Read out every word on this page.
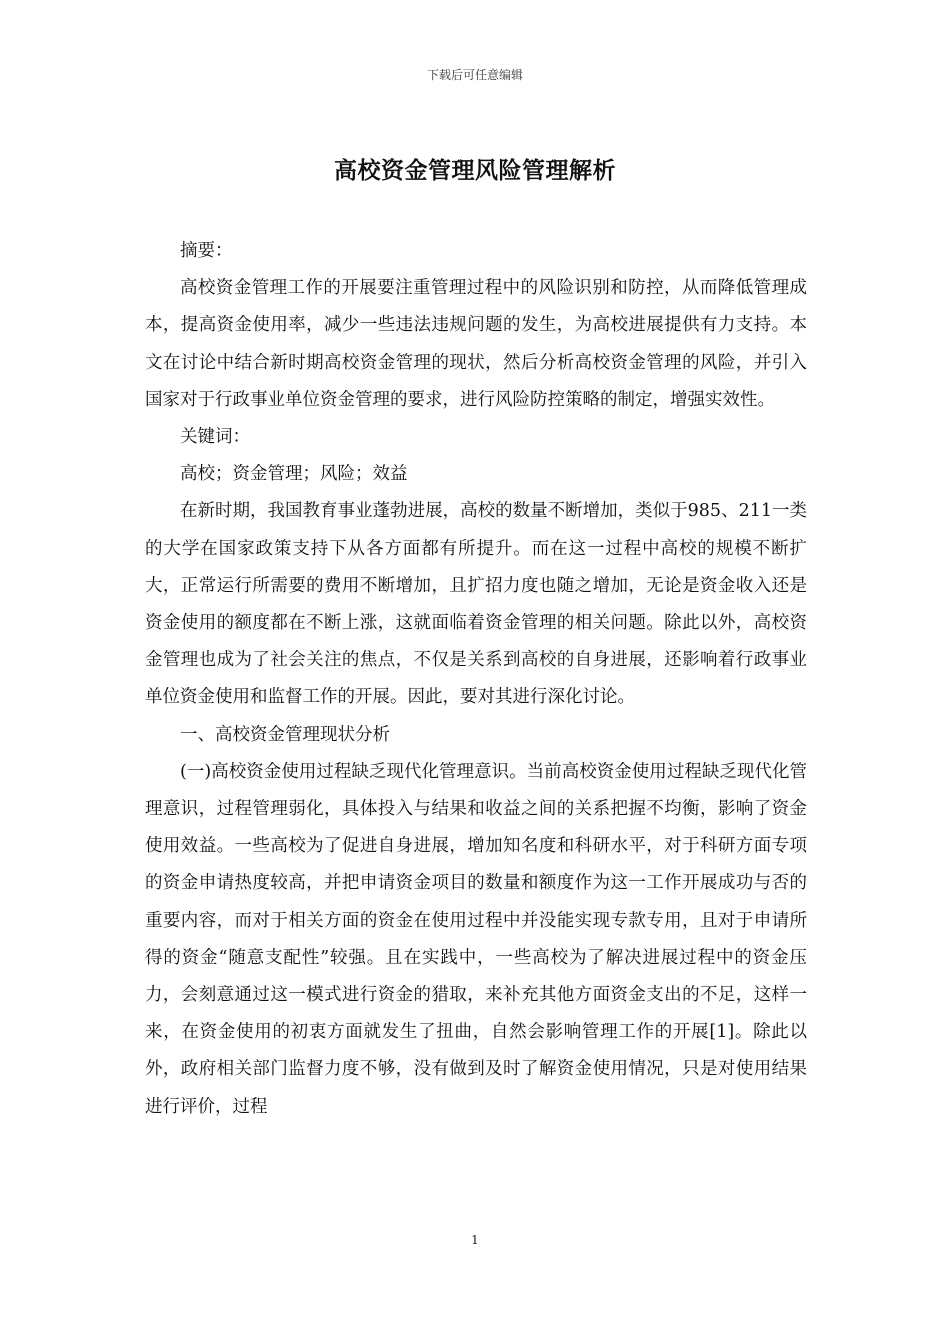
下载后可任意编辑
高校资金管理风险管理解析

摘要：

高校资金管理工作的开展要注重管理过程中的风险识别和防控，从而降低管理成本，提高资金使用率，减少一些违法违规问题的发生，为高校进展提供有力支持。本文在讨论中结合新时期高校资金管理的现状，然后分析高校资金管理的风险，并引入国家对于行政事业单位资金管理的要求，进行风险防控策略的制定，增强实效性。

关键词：

高校；资金管理；风险；效益

在新时期，我国教育事业蓬勃进展，高校的数量不断增加，类似于985、211一类的大学在国家政策支持下从各方面都有所提升。而在这一过程中高校的规模不断扩大，正常运行所需要的费用不断增加，且扩招力度也随之增加，无论是资金收入还是资金使用的额度都在不断上涨，这就面临着资金管理的相关问题。除此以外，高校资金管理也成为了社会关注的焦点，不仅是关系到高校的自身进展，还影响着行政事业单位资金使用和监督工作的开展。因此，要对其进行深化讨论。

一、高校资金管理现状分析

(一)高校资金使用过程缺乏现代化管理意识。当前高校资金使用过程缺乏现代化管理意识，过程管理弱化，具体投入与结果和收益之间的关系把握不均衡，影响了资金使用效益。一些高校为了促进自身进展，增加知名度和科研水平，对于科研方面专项的资金申请热度较高，并把申请资金项目的数量和额度作为这一工作开展成功与否的重要内容，而对于相关方面的资金在使用过程中并没能实现专款专用，且对于申请所得的资金“随意支配性”较强。且在实践中，一些高校为了解决进展过程中的资金压力，会刻意通过这一模式进行资金的猎取，来补充其他方面资金支出的不足，这样一来，在资金使用的初衷方面就发生了扭曲，自然会影响管理工作的开展[1]。除此以外，政府相关部门监督力度不够，没有做到及时了解资金使用情况，只是对使用结果进行评价，过程

1
